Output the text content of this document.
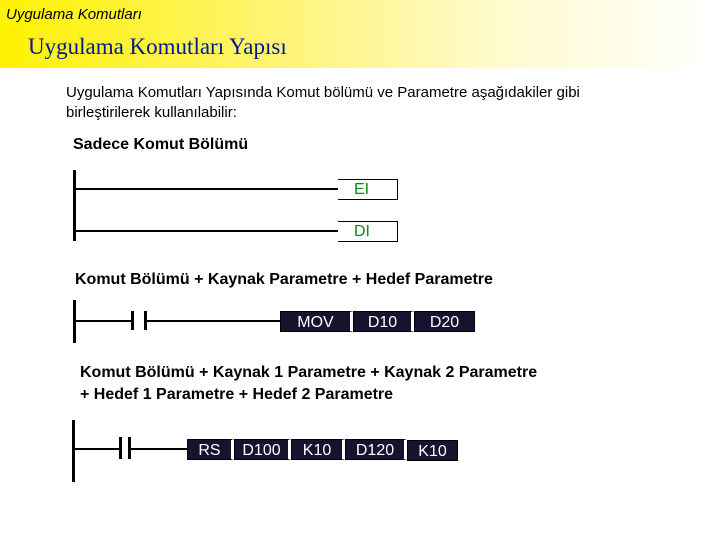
Uygulama Komutları
Uygulama Komutları Yapısı
Uygulama Komutları Yapısında Komut bölümü ve Parametre aşağıdakiler gibi birleştirilerek kullanılabilir:
Sadece Komut Bölümü
EI
DI
Komut Bölümü + Kaynak Parametre + Hedef Parametre
MOV	D10	D20
Komut Bölümü + Kaynak 1 Parametre + Kaynak 2 Parametre + Hedef 1 Parametre + Hedef 2 Parametre
RS	D100	K10	D120	K10
